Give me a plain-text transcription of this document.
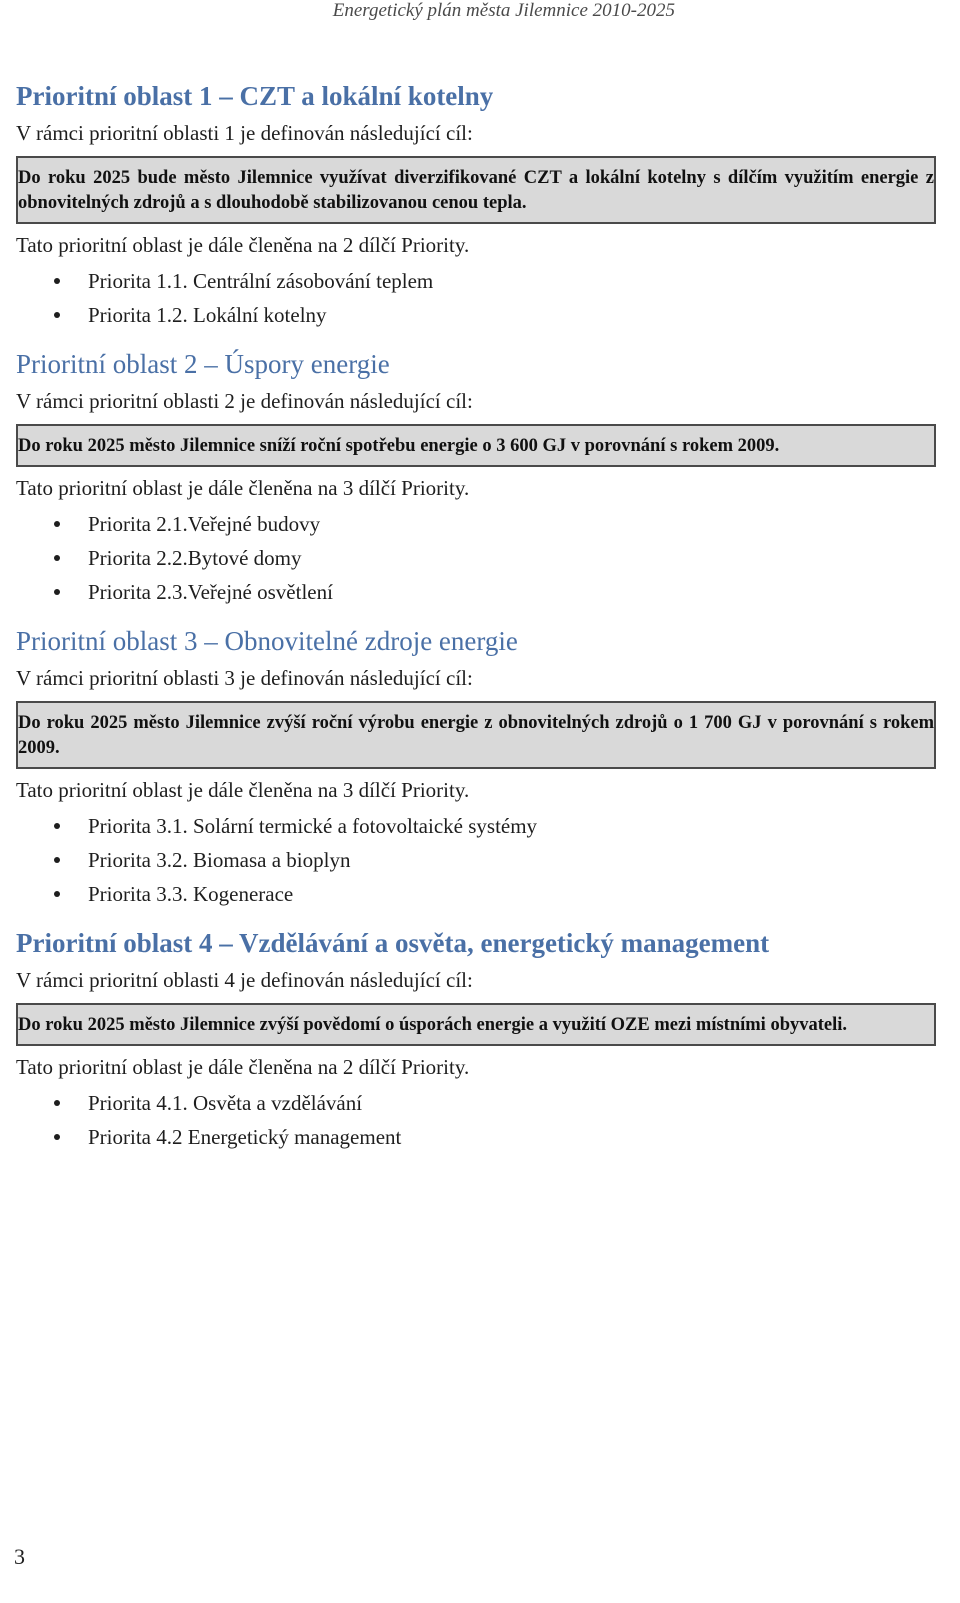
Energetický plán města Jilemnice 2010-2025
Prioritní oblast 1 – CZT a lokální kotelny

V rámci prioritní oblasti 1 je definován následující cíl:

Do roku 2025 bude město Jilemnice využívat diverzifikované CZT a lokální kotelny s dílčím využitím energie z obnovitelných zdrojů a s dlouhodobě stabilizovanou cenou tepla.

Tato prioritní oblast je dále členěna na 2 dílčí Priority.

Priorita 1.1. Centrální zásobování teplem
Priorita 1.2. Lokální kotelny
Prioritní oblast 2 – Úspory energie

V rámci prioritní oblasti 2 je definován následující cíl:

Do roku 2025 město Jilemnice sníží roční spotřebu energie o 3 600 GJ v porovnání s rokem 2009.

Tato prioritní oblast je dále členěna na 3 dílčí Priority.

Priorita 2.1.Veřejné budovy
Priorita 2.2.Bytové domy
Priorita 2.3.Veřejné osvětlení
Prioritní oblast 3 – Obnovitelné zdroje energie

V rámci prioritní oblasti 3 je definován následující cíl:

Do roku 2025 město Jilemnice zvýší roční výrobu energie z obnovitelných zdrojů o 1 700 GJ v porovnání s rokem 2009.

Tato prioritní oblast je dále členěna na 3 dílčí Priority.

Priorita 3.1. Solární termické a fotovoltaické systémy
Priorita 3.2. Biomasa a bioplyn
Priorita 3.3. Kogenerace
Prioritní oblast 4 – Vzdělávání a osvěta, energetický management

V rámci prioritní oblasti 4 je definován následující cíl:

Do roku 2025 město Jilemnice zvýší povědomí o úsporách energie a využití OZE mezi místními obyvateli.

Tato prioritní oblast je dále členěna na 2 dílčí Priority.

Priorita 4.1. Osvěta a vzdělávání
Priorita 4.2 Energetický management
3
